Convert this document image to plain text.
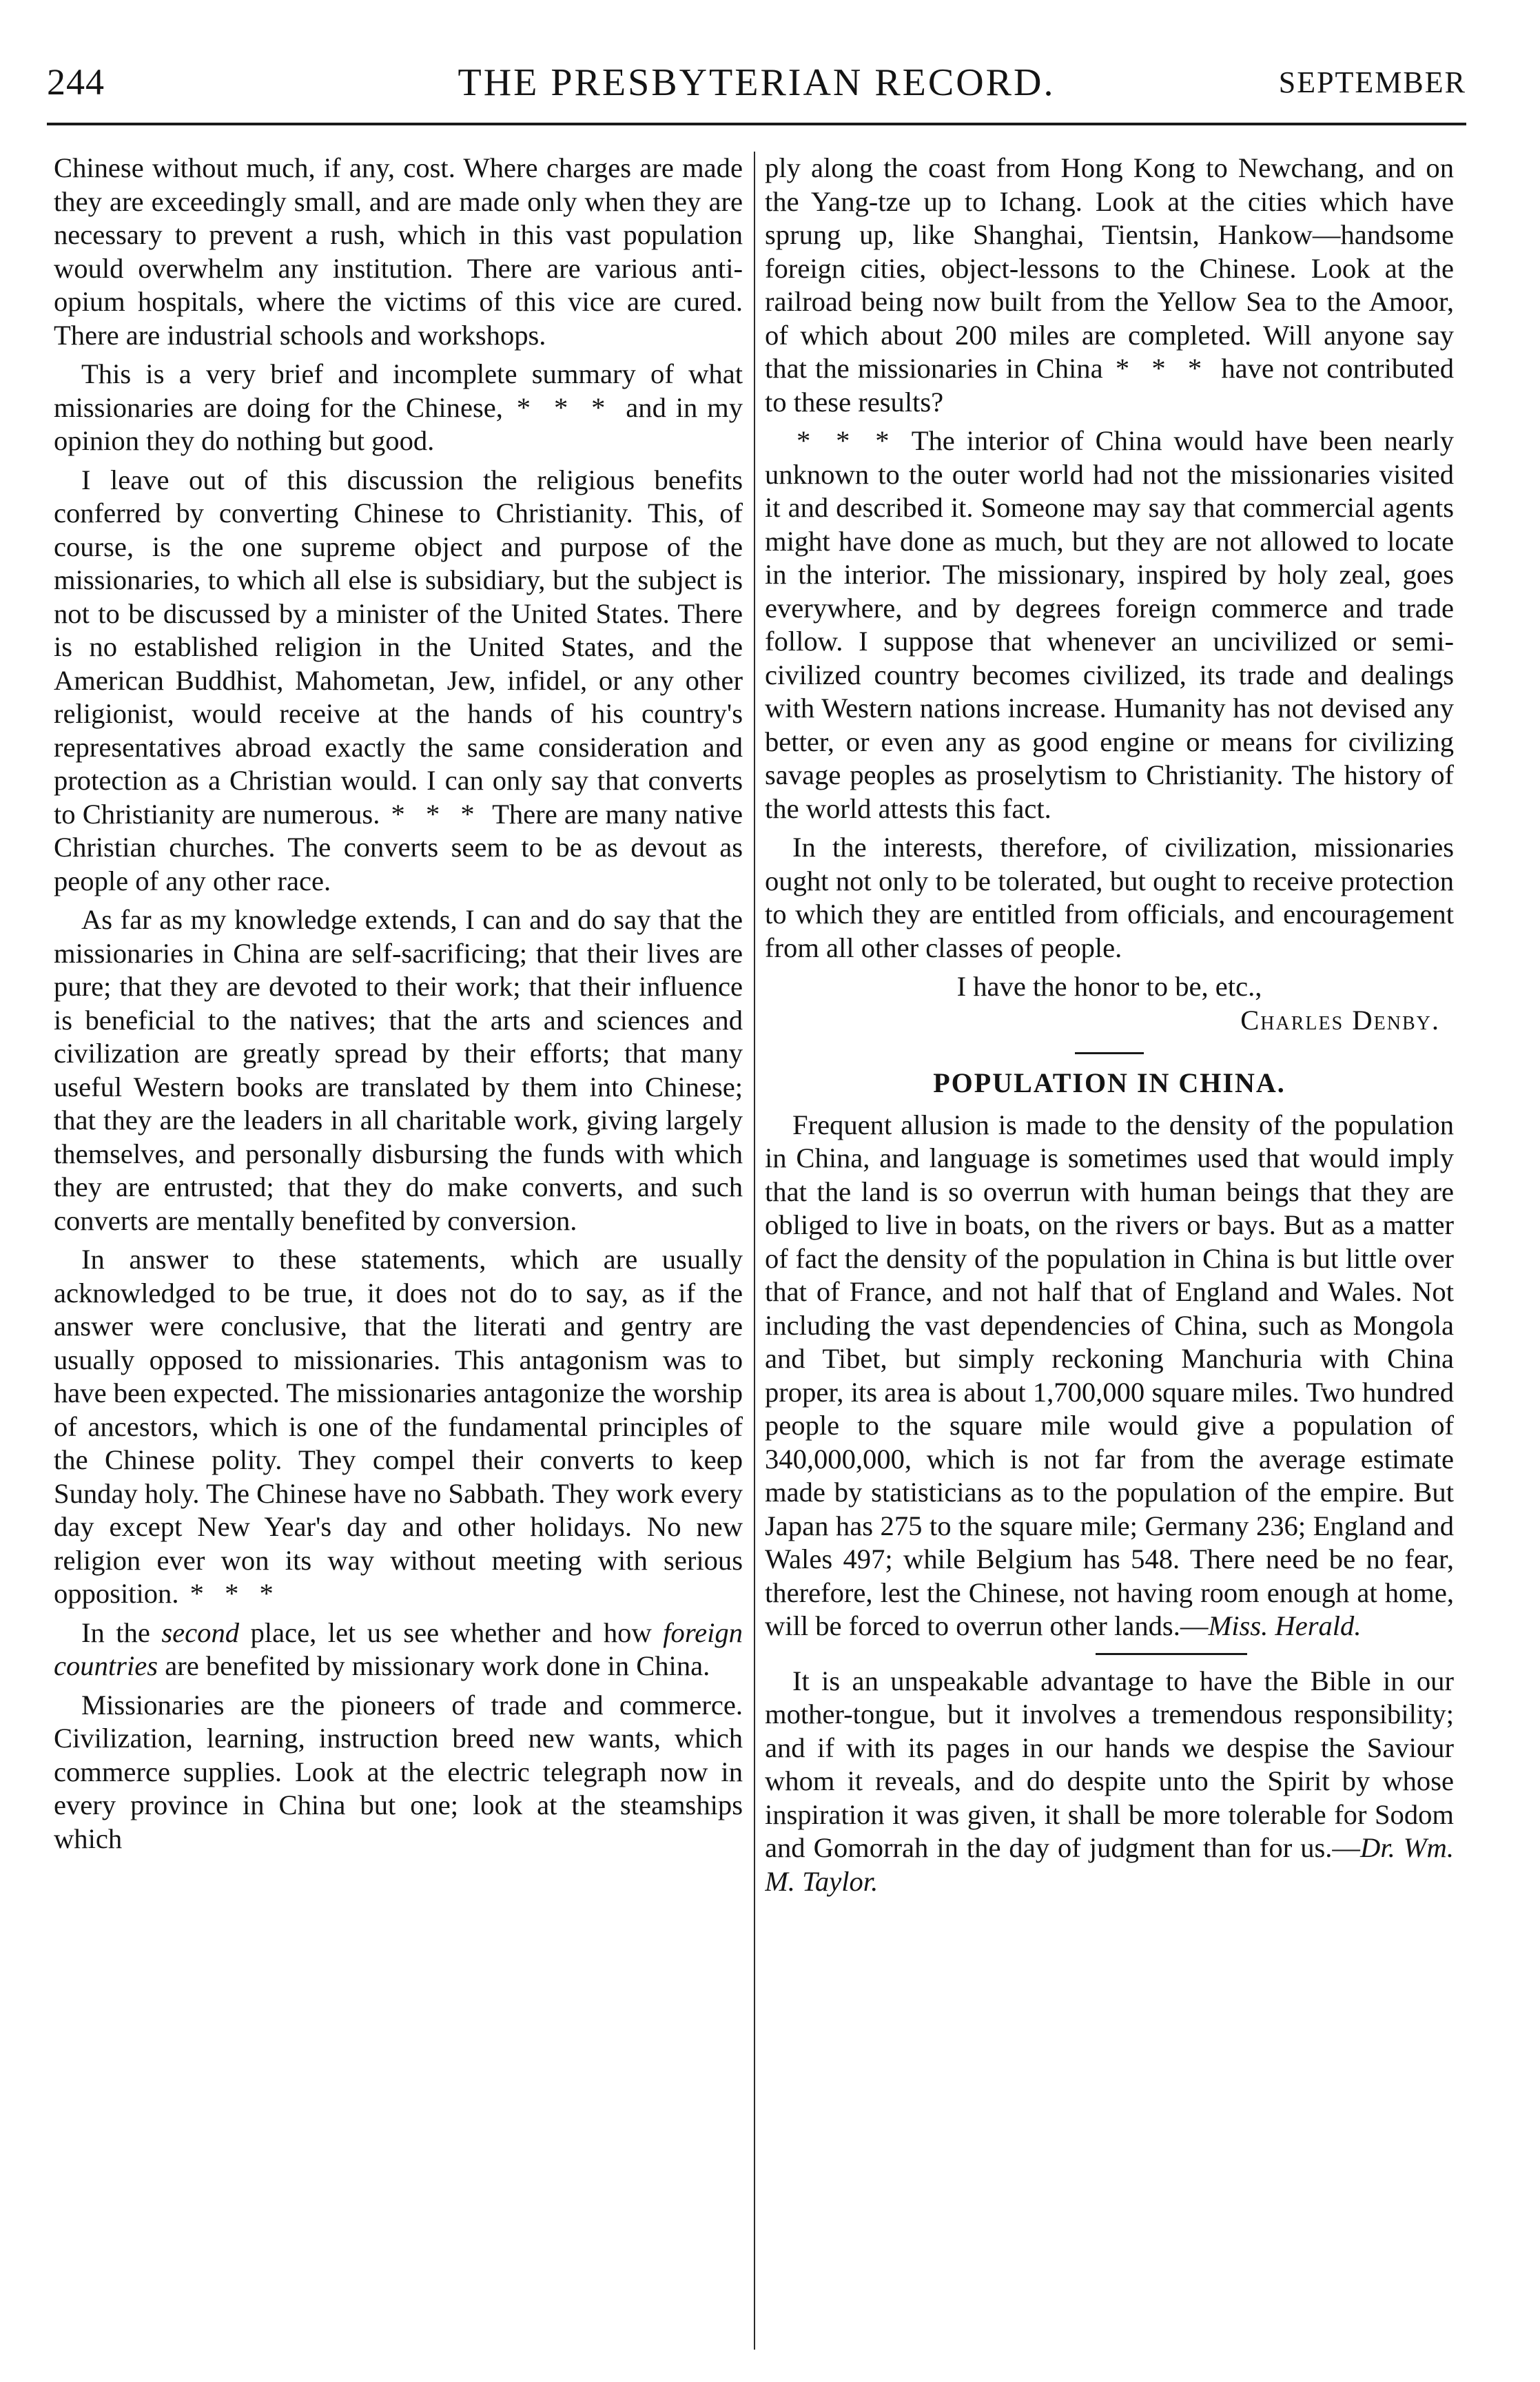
244	THE PRESBYTERIAN RECORD.	SEPTEMBER

Chinese without much, if any, cost. Where charges are made they are exceedingly small, and are made only when they are necessary to prevent a rush, which in this vast population would overwhelm any institution. There are various anti-opium hospitals, where the victims of this vice are cured. There are industrial schools and workshops.

This is a very brief and incomplete summary of what missionaries are doing for the Chinese, * * * and in my opinion they do nothing but good.

I leave out of this discussion the religious benefits conferred by converting Chinese to Christianity. This, of course, is the one supreme object and purpose of the missionaries, to which all else is subsidiary, but the subject is not to be discussed by a minister of the United States. There is no established religion in the United States, and the American Buddhist, Mahometan, Jew, infidel, or any other religionist, would receive at the hands of his country's representatives abroad exactly the same consideration and protection as a Christian would. I can only say that converts to Christianity are numerous. * * * There are many native Christian churches. The converts seem to be as devout as people of any other race.

As far as my knowledge extends, I can and do say that the missionaries in China are self-sacrificing; that their lives are pure; that they are devoted to their work; that their influence is beneficial to the natives; that the arts and sciences and civilization are greatly spread by their efforts; that many useful Western books are translated by them into Chinese; that they are the leaders in all charitable work, giving largely themselves, and personally disbursing the funds with which they are entrusted; that they do make converts, and such converts are mentally benefited by conversion.

In answer to these statements, which are usually acknowledged to be true, it does not do to say, as if the answer were conclusive, that the literati and gentry are usually opposed to missionaries. This antagonism was to have been expected. The missionaries antagonize the worship of ancestors, which is one of the fundamental principles of the Chinese polity. They compel their converts to keep Sunday holy. The Chinese have no Sabbath. They work every day except New Year's day and other holidays. No new religion ever won its way without meeting with serious opposition. * * *

In the second place, let us see whether and how foreign countries are benefited by missionary work done in China.

Missionaries are the pioneers of trade and commerce. Civilization, learning, instruction breed new wants, which commerce supplies. Look at the electric telegraph now in every province in China but one; look at the steamships which

ply along the coast from Hong Kong to Newchang, and on the Yang-tze up to Ichang. Look at the cities which have sprung up, like Shanghai, Tientsin, Hankow—handsome foreign cities, object-lessons to the Chinese. Look at the railroad being now built from the Yellow Sea to the Amoor, of which about 200 miles are completed. Will anyone say that the missionaries in China * * * have not contributed to these results?

* * * The interior of China would have been nearly unknown to the outer world had not the missionaries visited it and described it. Someone may say that commercial agents might have done as much, but they are not allowed to locate in the interior. The missionary, inspired by holy zeal, goes everywhere, and by degrees foreign commerce and trade follow. I suppose that whenever an uncivilized or semi-civilized country becomes civilized, its trade and dealings with Western nations increase. Humanity has not devised any better, or even any as good engine or means for civilizing savage peoples as proselytism to Christianity. The history of the world attests this fact.

In the interests, therefore, of civilization, missionaries ought not only to be tolerated, but ought to receive protection to which they are entitled from officials, and encouragement from all other classes of people.

I have the honor to be, etc.,

Charles Denby.

POPULATION IN CHINA.

Frequent allusion is made to the density of the population in China, and language is sometimes used that would imply that the land is so overrun with human beings that they are obliged to live in boats, on the rivers or bays. But as a matter of fact the density of the population in China is but little over that of France, and not half that of England and Wales. Not including the vast dependencies of China, such as Mongola and Tibet, but simply reckoning Manchuria with China proper, its area is about 1,700,000 square miles. Two hundred people to the square mile would give a population of 340,000,000, which is not far from the average estimate made by statisticians as to the population of the empire. But Japan has 275 to the square mile; Germany 236; England and Wales 497; while Belgium has 548. There need be no fear, therefore, lest the Chinese, not having room enough at home, will be forced to overrun other lands.—Miss. Herald.

It is an unspeakable advantage to have the Bible in our mother-tongue, but it involves a tremendous responsibility; and if with its pages in our hands we despise the Saviour whom it reveals, and do despite unto the Spirit by whose inspiration it was given, it shall be more tolerable for Sodom and Gomorrah in the day of judgment than for us.—Dr. Wm. M. Taylor.
